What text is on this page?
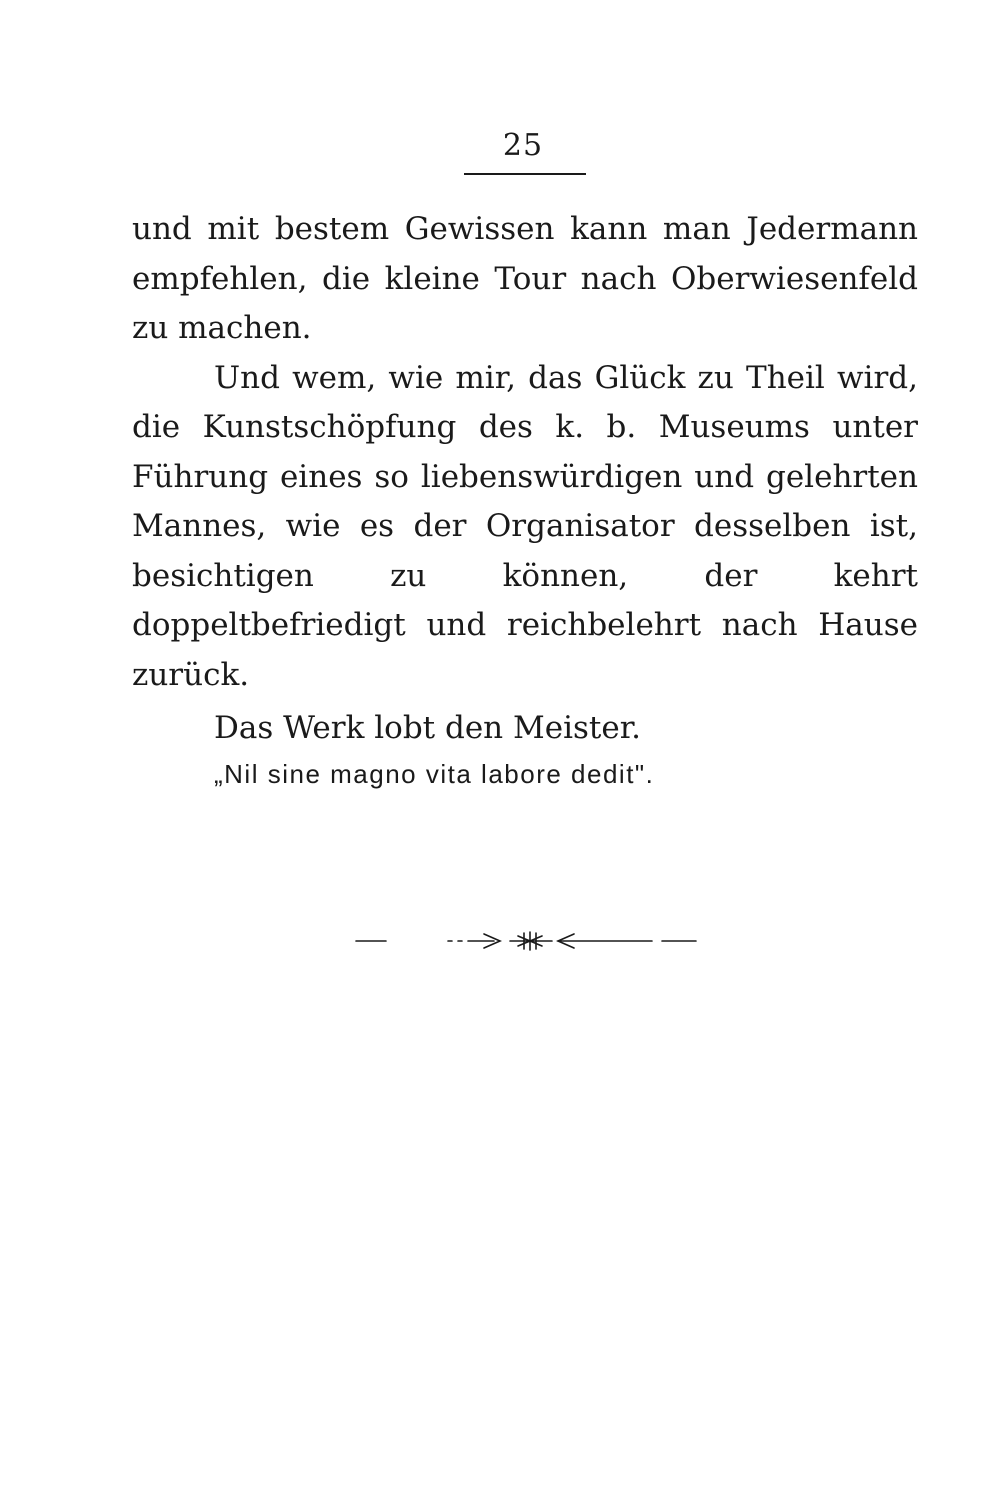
25

und mit bestem Gewissen kann man Jedermann empfehlen, die kleine Tour nach Oberwiesenfeld zu machen.

Und wem, wie mir, das Glück zu Theil wird, die Kunstschöpfung des k. b. Museums unter Führung eines so liebenswürdigen und gelehrten Mannes, wie es der Organisator desselben ist, besichtigen zu können, der kehrt doppeltbefriedigt und reichbelehrt nach Hause zurück.

Das Werk lobt den Meister.

„Nil sine magno vita labore dedit".
